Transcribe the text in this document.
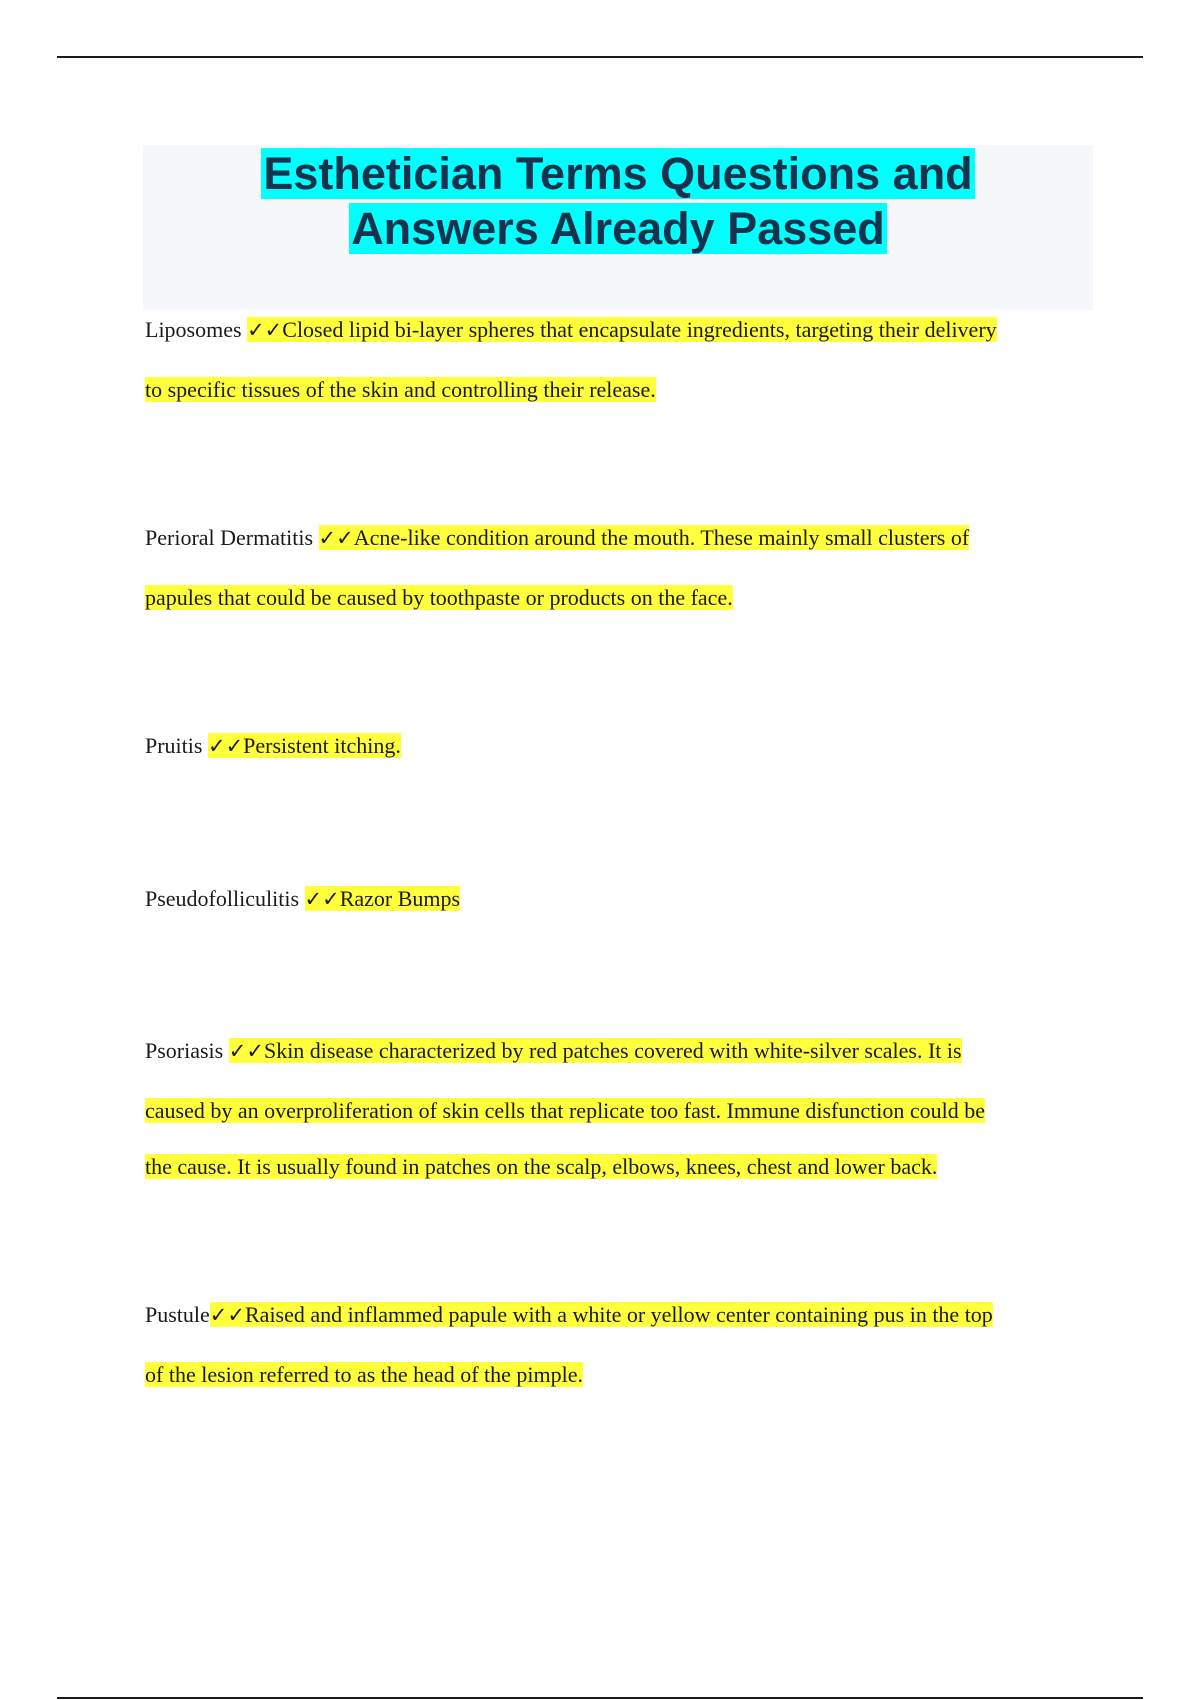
Esthetician Terms Questions and
Answers Already Passed
Liposomes ✓✓Closed lipid bi-layer spheres that encapsulate ingredients, targeting their delivery
to specific tissues of the skin and controlling their release.
Perioral Dermatitis ✓✓Acne-like condition around the mouth. These mainly small clusters of
papules that could be caused by toothpaste or products on the face.
Pruitis ✓✓Persistent itching.
Pseudofolliculitis ✓✓Razor Bumps
Psoriasis ✓✓Skin disease characterized by red patches covered with white-silver scales. It is
caused by an overproliferation of skin cells that replicate too fast. Immune disfunction could be
the cause. It is usually found in patches on the scalp, elbows, knees, chest and lower back.
Pustule✓✓Raised and inflammed papule with a white or yellow center containing pus in the top
of the lesion referred to as the head of the pimple.
